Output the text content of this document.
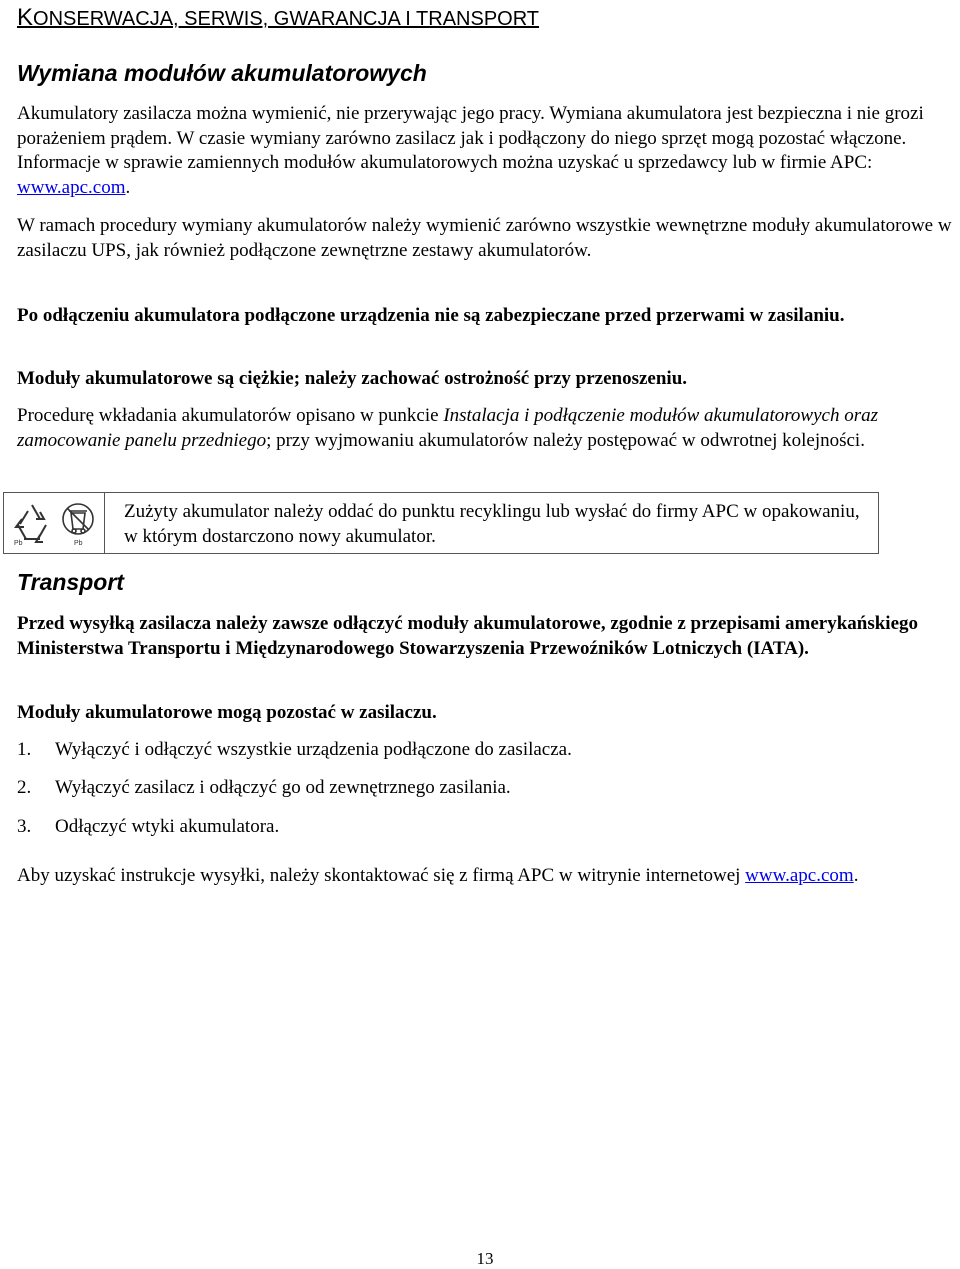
KONSERWACJA, SERWIS, GWARANCJA I TRANSPORT
Wymiana modułów akumulatorowych

Akumulatory zasilacza można wymienić, nie przerywając jego pracy. Wymiana akumulatora jest bezpieczna i nie grozi porażeniem prądem. W czasie wymiany zarówno zasilacz jak i podłączony do niego sprzęt mogą pozostać włączone. Informacje w sprawie zamiennych modułów akumulatorowych można uzyskać u sprzedawcy lub w firmie APC: www.apc.com.

W ramach procedury wymiany akumulatorów należy wymienić zarówno wszystkie wewnętrzne moduły akumulatorowe w zasilaczu UPS, jak również podłączone zewnętrzne zestawy akumulatorów.

Po odłączeniu akumulatora podłączone urządzenia nie są zabezpieczane przed przerwami w zasilaniu.

Moduły akumulatorowe są ciężkie; należy zachować ostrożność przy przenoszeniu.

Procedurę wkładania akumulatorów opisano w punkcie Instalacja i podłączenie modułów akumulatorowych oraz zamocowanie panelu przedniego; przy wyjmowaniu akumulatorów należy postępować w odwrotnej kolejności.

Pb	Pb
Zużyty akumulator należy oddać do punktu recyklingu lub wysłać do firmy APC w opakowaniu, w którym dostarczono nowy akumulator.
Transport

Przed wysyłką zasilacza należy zawsze odłączyć moduły akumulatorowe, zgodnie z przepisami amerykańskiego Ministerstwa Transportu i Międzynarodowego Stowarzyszenia Przewoźników Lotniczych (IATA).

Moduły akumulatorowe mogą pozostać w zasilaczu.

1. Wyłączyć i odłączyć wszystkie urządzenia podłączone do zasilacza.
2. Wyłączyć zasilacz i odłączyć go od zewnętrznego zasilania.
3. Odłączyć wtyki akumulatora.

Aby uzyskać instrukcje wysyłki, należy skontaktować się z firmą APC w witrynie internetowej www.apc.com.

13
